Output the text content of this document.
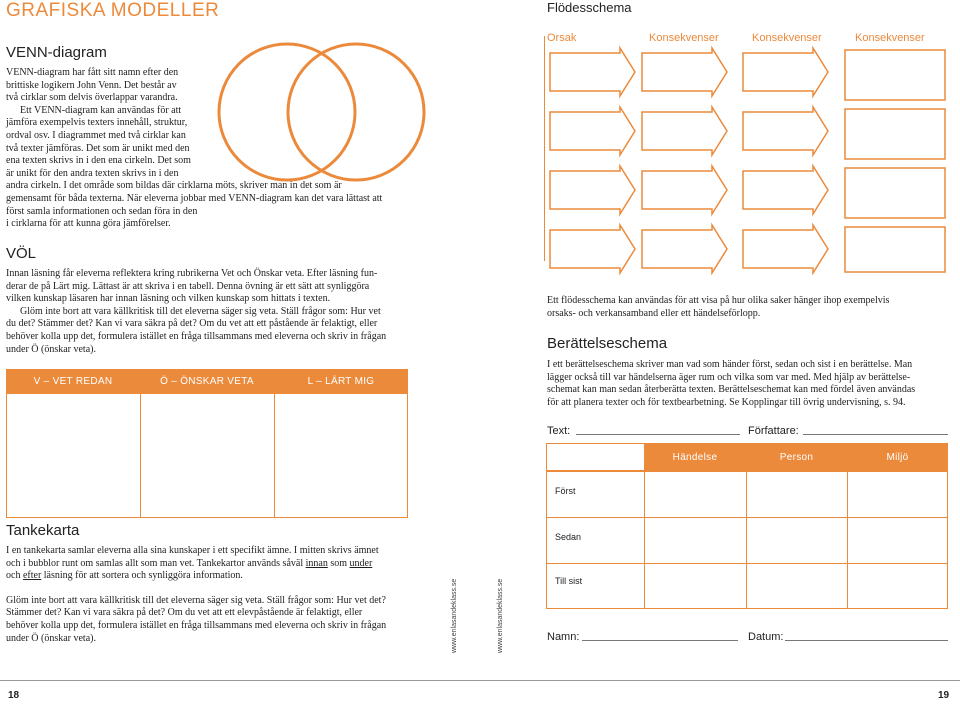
GRAFISKA MODELLER
VENN-diagram
VENN-diagram har fått sitt namn efter den
brittiske logikern John Venn. Det består av
två cirklar som delvis överlappar varandra.
Ett VENN-diagram kan användas för att
jämföra exempelvis texters innehåll, struktur,
ordval osv. I diagrammet med två cirklar kan
två texter jämföras. Det som är unikt med den
ena texten skrivs in i den ena cirkeln. Det som
är unikt för den andra texten skrivs in i den
andra cirkeln. I det område som bildas där cirklarna möts, skriver man in det som är
gemensamt för båda texterna. När eleverna jobbar med VENN-diagram kan det vara lättast att
först samla informationen och sedan föra in den
i cirklarna för att kunna göra jämförelser.
VÖL
Innan läsning får eleverna reflektera kring rubrikerna Vet och Önskar veta. Efter läsning fun-
derar de på Lärt mig. Lättast är att skriva i en tabell. Denna övning är ett sätt att synliggöra
vilken kunskap läsaren har innan läsning och vilken kunskap som hittats i texten.
Glöm inte bort att vara källkritisk till det eleverna säger sig veta. Ställ frågor som: Hur vet
du det? Stämmer det? Kan vi vara säkra på det? Om du vet att ett påstående är felaktigt, eller
behöver kolla upp det, formulera istället en fråga tillsammans med eleverna och skriv in frågan
under Ö (önskar veta).
V – VET REDAN	Ö – ÖNSKAR VETA	L – LÄRT MIG
Tankekarta
I en tankekarta samlar eleverna alla sina kunskaper i ett specifikt ämne. I mitten skrivs ämnet
och i bubblor runt om samlas allt som man vet. Tankekartor används såväl innan som under
och efter läsning för att sortera och synliggöra information.
Glöm inte bort att vara källkritisk till det eleverna säger sig veta. Ställ frågor som: Hur vet det?
Stämmer det? Kan vi vara säkra på det? Om du vet att ett elevpåstående är felaktigt, eller
behöver kolla upp det, formulera istället en fråga tillsammans med eleverna och skriv in frågan
under Ö (önskar veta).	www.enlasandeklass.se	www.enlasandeklass.se
18
Flödesschema
Orsak	Konsekvenser	Konsekvenser	Konsekvenser
Ett flödesschema kan användas för att visa på hur olika saker hänger ihop exempelvis
orsaks- och verkansamband eller ett händelseförlopp.
Berättelseschema
I ett berättelseschema skriver man vad som händer först, sedan och sist i en berättelse. Man
lägger också till var händelserna äger rum och vilka som var med. Med hjälp av berättelse-
schemat kan man sedan återberätta texten. Berättelseschemat kan med fördel även användas
för att planera texter och för textbearbetning. Se Kopplingar till övrig undervisning, s. 94.
Text:	Författare:
Händelse	Person	Miljö
Först
Sedan
Till sist
Namn:	Datum:
19
